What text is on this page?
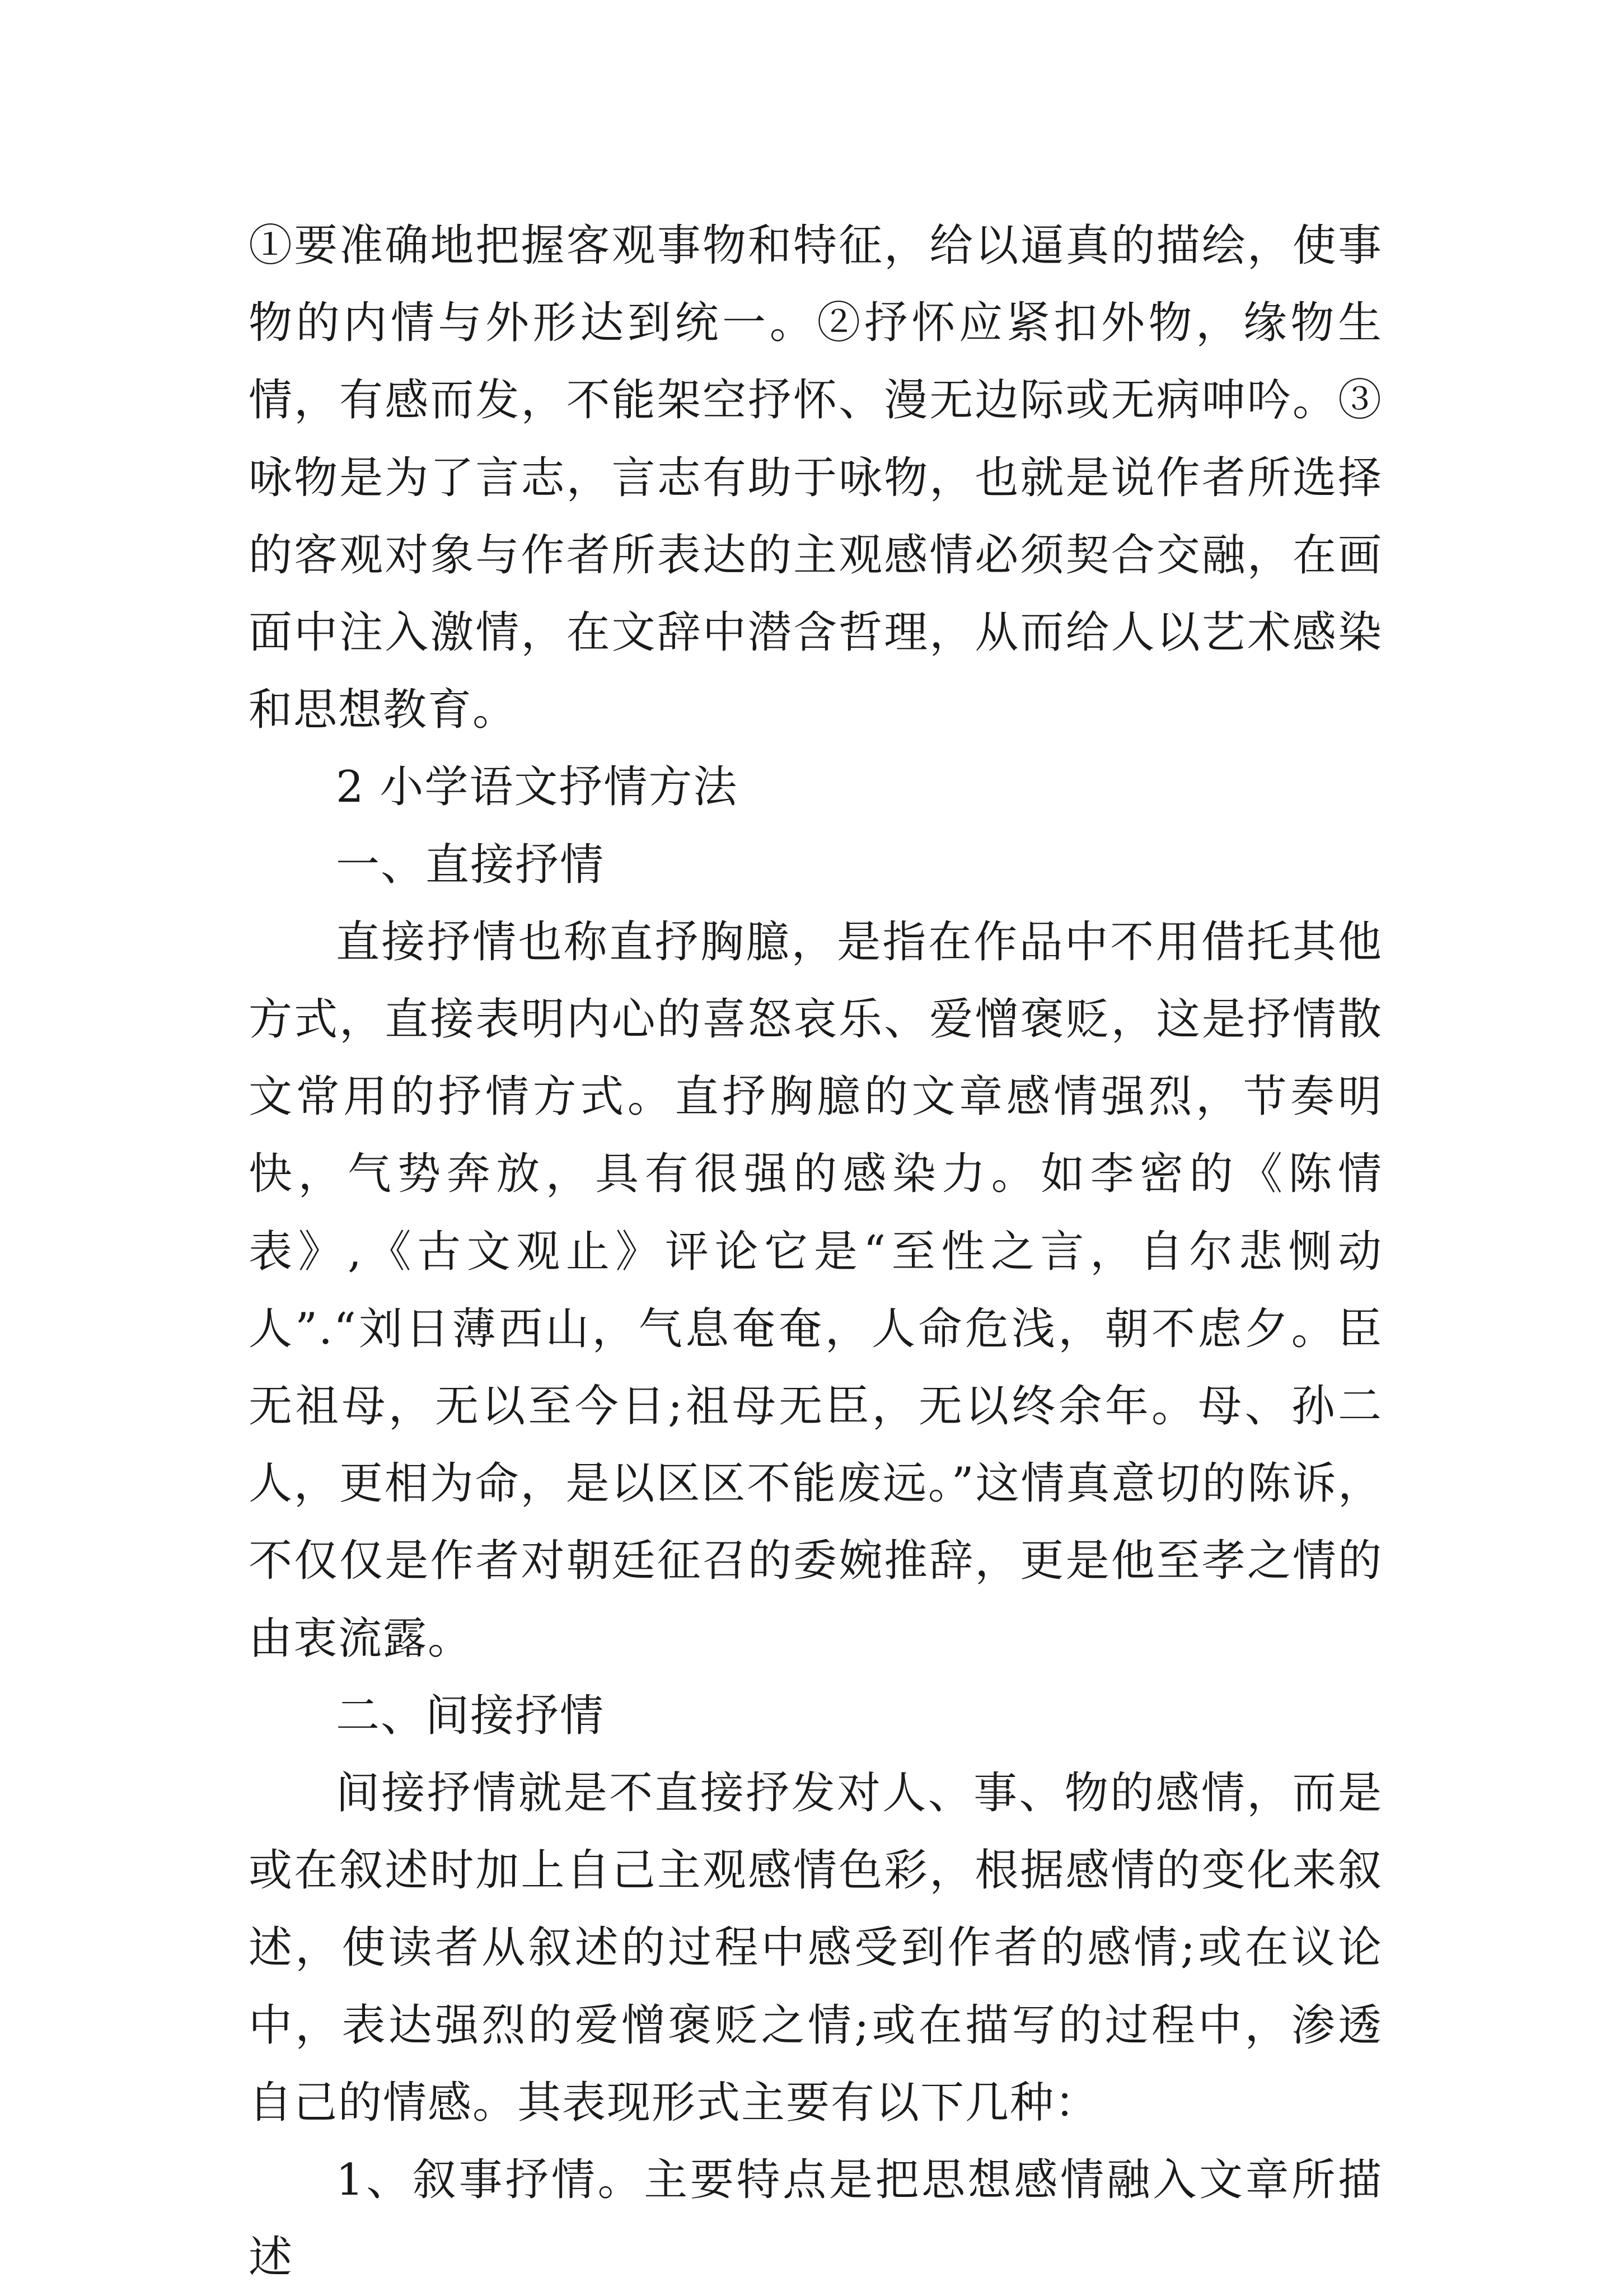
①要准确地把握客观事物和特征，给以逼真的描绘，使事物的内情与外形达到统一。②抒怀应紧扣外物，缘物生情，有感而发，不能架空抒怀、漫无边际或无病呻吟。③咏物是为了言志，言志有助于咏物，也就是说作者所选择的客观对象与作者所表达的主观感情必须契合交融，在画面中注入激情，在文辞中潜含哲理，从而给人以艺术感染和思想教育。

2 小学语文抒情方法

一、直接抒情

直接抒情也称直抒胸臆，是指在作品中不用借托其他方式，直接表明内心的喜怒哀乐、爱憎褒贬，这是抒情散文常用的抒情方式。直抒胸臆的文章感情强烈，节奏明快，气势奔放，具有很强的感染力。如李密的《陈情表》,《古文观止》评论它是“至性之言，自尔悲恻动人”.“刘日薄西山，气息奄奄，人命危浅，朝不虑夕。臣无祖母，无以至今日;祖母无臣，无以终余年。母、孙二人，更相为命，是以区区不能废远。”这情真意切的陈诉，不仅仅是作者对朝廷征召的委婉推辞，更是他至孝之情的由衷流露。

二、间接抒情

间接抒情就是不直接抒发对人、事、物的感情，而是或在叙述时加上自己主观感情色彩，根据感情的变化来叙述，使读者从叙述的过程中感受到作者的感情;或在议论中，表达强烈的爱憎褒贬之情;或在描写的过程中，渗透自己的情感。其表现形式主要有以下几种：

1、叙事抒情。主要特点是把思想感情融入文章所描述
